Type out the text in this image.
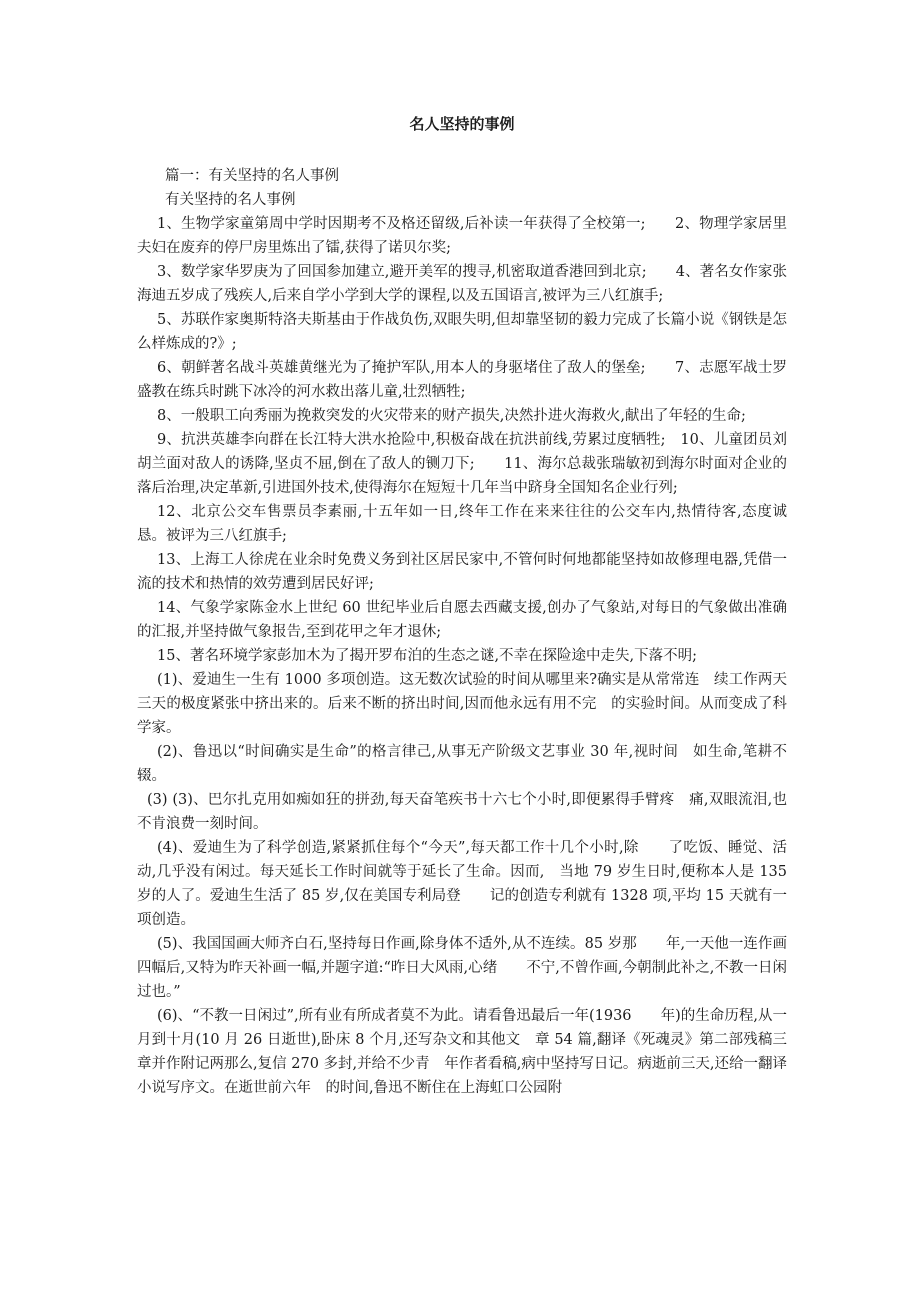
名人坚持的事例

篇一：有关坚持的名人事例

有关坚持的名人事例

1、生物学家童第周中学时因期考不及格还留级,后补读一年获得了全校第一;　　2、物理学家居里夫妇在废弃的停尸房里炼出了镭,获得了诺贝尔奖;

3、数学家华罗庚为了回国参加建立,避开美军的搜寻,机密取道香港回到北京;　　4、著名女作家张海迪五岁成了残疾人,后来自学小学到大学的课程,以及五国语言,被评为三八红旗手;

5、苏联作家奥斯特洛夫斯基由于作战负伤,双眼失明,但却靠坚韧的毅力完成了长篇小说《钢铁是怎么样炼成的?》;

6、朝鲜著名战斗英雄黄继光为了掩护军队,用本人的身驱堵住了敌人的堡垒;　　7、志愿军战士罗盛教在练兵时跳下冰冷的河水救出落儿童,壮烈牺牲;

8、一般职工向秀丽为挽救突发的火灾带来的财产损失,决然扑进火海救火,献出了年轻的生命;

9、抗洪英雄李向群在长江特大洪水抢险中,积极奋战在抗洪前线,劳累过度牺牲;　10、儿童团员刘胡兰面对敌人的诱降,坚贞不屈,倒在了敌人的铡刀下;　　11、海尔总裁张瑞敏初到海尔时面对企业的落后治理,决定革新,引进国外技术,使得海尔在短短十几年当中跻身全国知名企业行列;

12、北京公交车售票员李素丽,十五年如一日,终年工作在来来往往的公交车内,热情待客,态度诚恳。被评为三八红旗手;

13、上海工人徐虎在业余时免费义务到社区居民家中,不管何时何地都能坚持如故修理电器,凭借一流的技术和热情的效劳遭到居民好评;

14、气象学家陈金水上世纪 60 世纪毕业后自愿去西藏支援,创办了气象站,对每日的气象做出准确的汇报,并坚持做气象报告,至到花甲之年才退休;

15、著名环境学家彭加木为了揭开罗布泊的生态之谜,不幸在探险途中走失,下落不明;

(1)、爱迪生一生有 1000 多项创造。这无数次试验的时间从哪里来?确实是从常常连　续工作两天三天的极度紧张中挤出来的。后来不断的挤出时间,因而他永远有用不完　的实验时间。从而变成了科学家。

(2)、鲁迅以“时间确实是生命”的格言律己,从事无产阶级文艺事业 30 年,视时间　如生命,笔耕不辍。

(3) (3)、巴尔扎克用如痴如狂的拼劲,每天奋笔疾书十六七个小时,即便累得手臂疼　痛,双眼流泪,也不肯浪费一刻时间。

(4)、爱迪生为了科学创造,紧紧抓住每个“今天”,每天都工作十几个小时,除　　了吃饭、睡觉、活动,几乎没有闲过。每天延长工作时间就等于延长了生命。因而,　当地 79 岁生日时,便称本人是 135 岁的人了。爱迪生生活了 85 岁,仅在美国专利局登　　记的创造专利就有 1328 项,平均 15 天就有一项创造。

(5)、我国国画大师齐白石,坚持每日作画,除身体不适外,从不连续。85 岁那　　年,一天他一连作画四幅后,又特为昨天补画一幅,并题字道:“昨日大风雨,心绪　　不宁,不曾作画,今朝制此补之,不教一日闲过也。”

(6)、“不教一日闲过”,所有业有所成者莫不为此。请看鲁迅最后一年(1936　　年)的生命历程,从一月到十月(10 月 26 日逝世),卧床 8 个月,还写杂文和其他文　章 54 篇,翻译《死魂灵》第二部残稿三章并作附记两那么,复信 270 多封,并给不少青　年作者看稿,病中坚持写日记。病逝前三天,还给一翻译小说写序文。在逝世前六年　的时间,鲁迅不断住在上海虹口公园附
